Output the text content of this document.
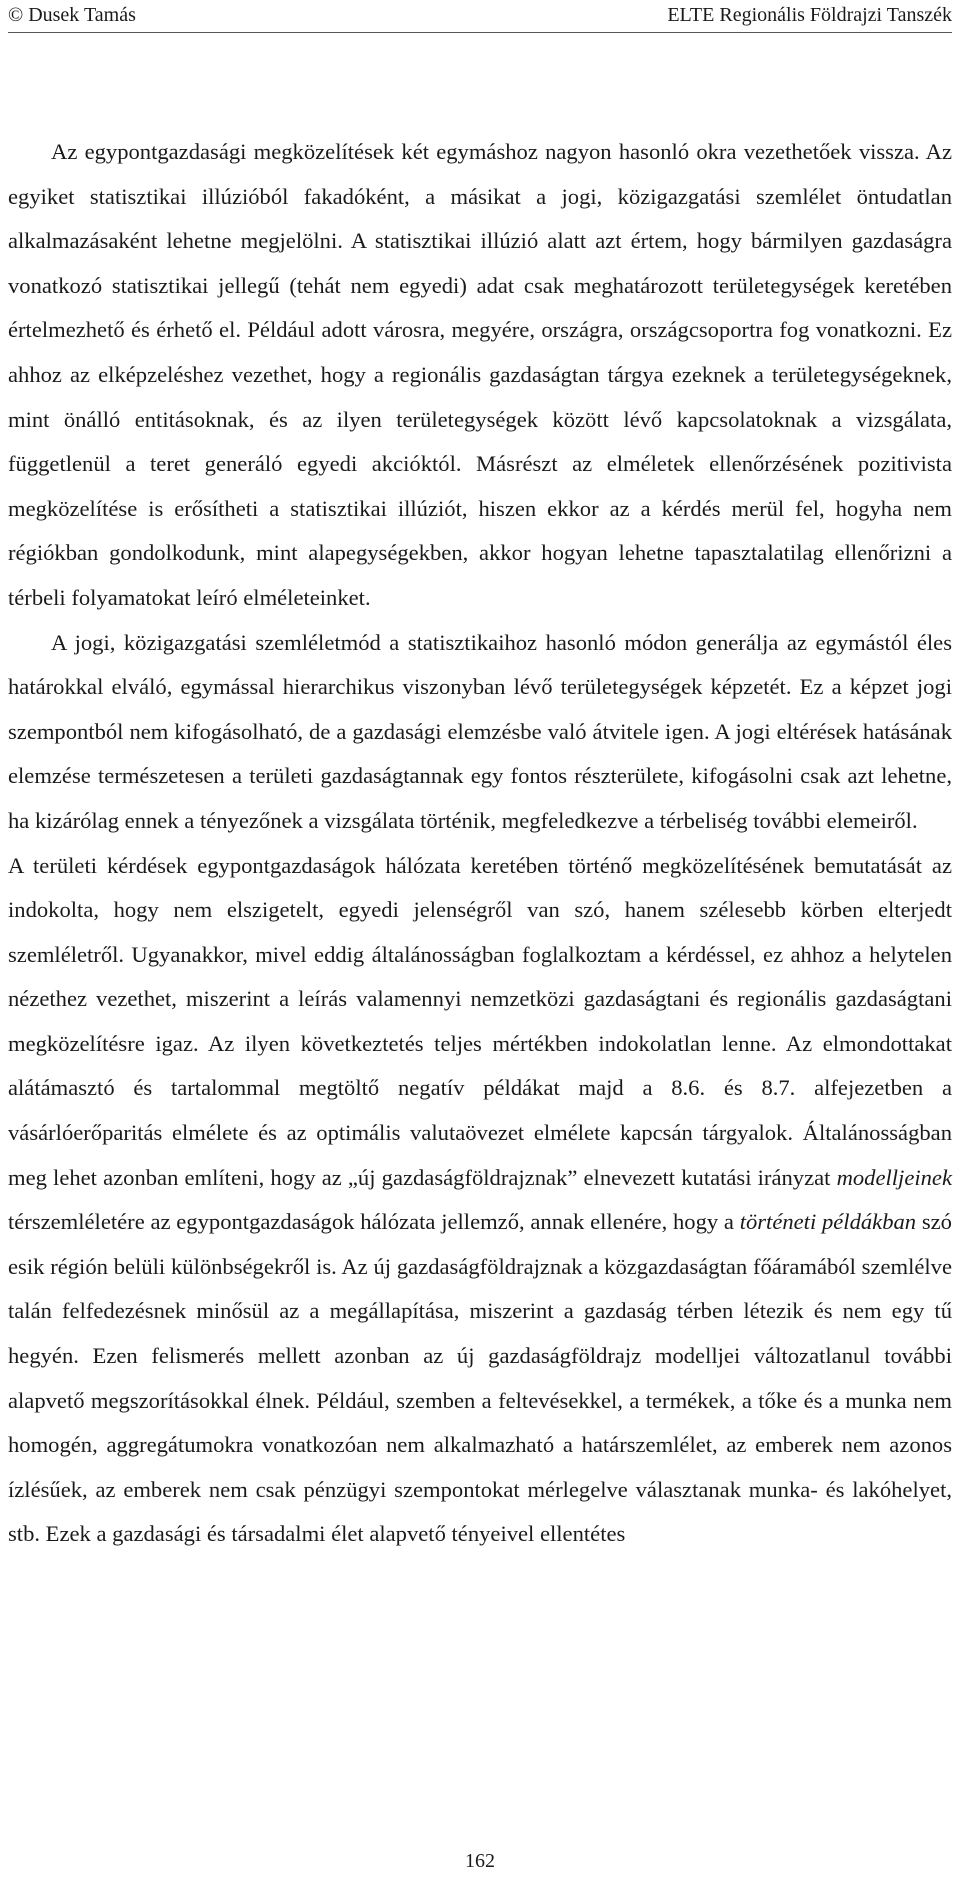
© Dusek Tamás	ELTE Regionális Földrajzi Tanszék

Az egypontgazdasági megközelítések két egymáshoz nagyon hasonló okra vezethetőek vissza. Az egyiket statisztikai illúzióból fakadóként, a másikat a jogi, közigazgatási szemlélet öntudatlan alkalmazásaként lehetne megjelölni. A statisztikai illúzió alatt azt értem, hogy bármilyen gazdaságra vonatkozó statisztikai jellegű (tehát nem egyedi) adat csak meghatározott területegységek keretében értelmezhető és érhető el. Például adott városra, megyére, országra, országcsoportra fog vonatkozni. Ez ahhoz az elképzeléshez vezethet, hogy a regionális gazdaságtan tárgya ezeknek a területegységeknek, mint önálló entitásoknak, és az ilyen területegységek között lévő kapcsolatoknak a vizsgálata, függetlenül a teret generáló egyedi akcióktól. Másrészt az elméletek ellenőrzésének pozitivista megközelítése is erősítheti a statisztikai illúziót, hiszen ekkor az a kérdés merül fel, hogyha nem régiókban gondolkodunk, mint alapegységekben, akkor hogyan lehetne tapasztalatilag ellenőrizni a térbeli folyamatokat leíró elméleteinket.

A jogi, közigazgatási szemléletmód a statisztikaihoz hasonló módon generálja az egymástól éles határokkal elváló, egymással hierarchikus viszonyban lévő területegységek képzetét. Ez a képzet jogi szempontból nem kifogásolható, de a gazdasági elemzésbe való átvitele igen. A jogi eltérések hatásának elemzése természetesen a területi gazdaságtannak egy fontos részterülete, kifogásolni csak azt lehetne, ha kizárólag ennek a tényezőnek a vizsgálata történik, megfeledkezve a térbeliség további elemeiről.

A területi kérdések egypontgazdaságok hálózata keretében történő megközelítésének bemutatását az indokolta, hogy nem elszigetelt, egyedi jelenségről van szó, hanem szélesebb körben elterjedt szemléletről. Ugyanakkor, mivel eddig általánosságban foglalkoztam a kérdéssel, ez ahhoz a helytelen nézethez vezethet, miszerint a leírás valamennyi nemzetközi gazdaságtani és regionális gazdaságtani megközelítésre igaz. Az ilyen következtetés teljes mértékben indokolatlan lenne. Az elmondottakat alátámasztó és tartalommal megtöltő negatív példákat majd a 8.6. és 8.7. alfejezetben a vásárlóerőparitás elmélete és az optimális valutaövezet elmélete kapcsán tárgyalok. Általánosságban meg lehet azonban említeni, hogy az „új gazdaságföldrajznak” elnevezett kutatási irányzat modelljeinek térszemléletére az egypontgazdaságok hálózata jellemző, annak ellenére, hogy a történeti példákban szó esik régión belüli különbségekről is. Az új gazdaságföldrajznak a közgazdaságtan főáramából szemlélve talán felfedezésnek minősül az a megállapítása, miszerint a gazdaság térben létezik és nem egy tű hegyén. Ezen felismerés mellett azonban az új gazdaságföldrajz modelljei változatlanul további alapvető megszorításokkal élnek. Például, szemben a feltevésekkel, a termékek, a tőke és a munka nem homogén, aggregátumokra vonatkozóan nem alkalmazható a határszemlélet, az emberek nem azonos ízlésűek, az emberek nem csak pénzügyi szempontokat mérlegelve választanak munka- és lakóhelyet, stb. Ezek a gazdasági és társadalmi élet alapvető tényeivel ellentétes

162
